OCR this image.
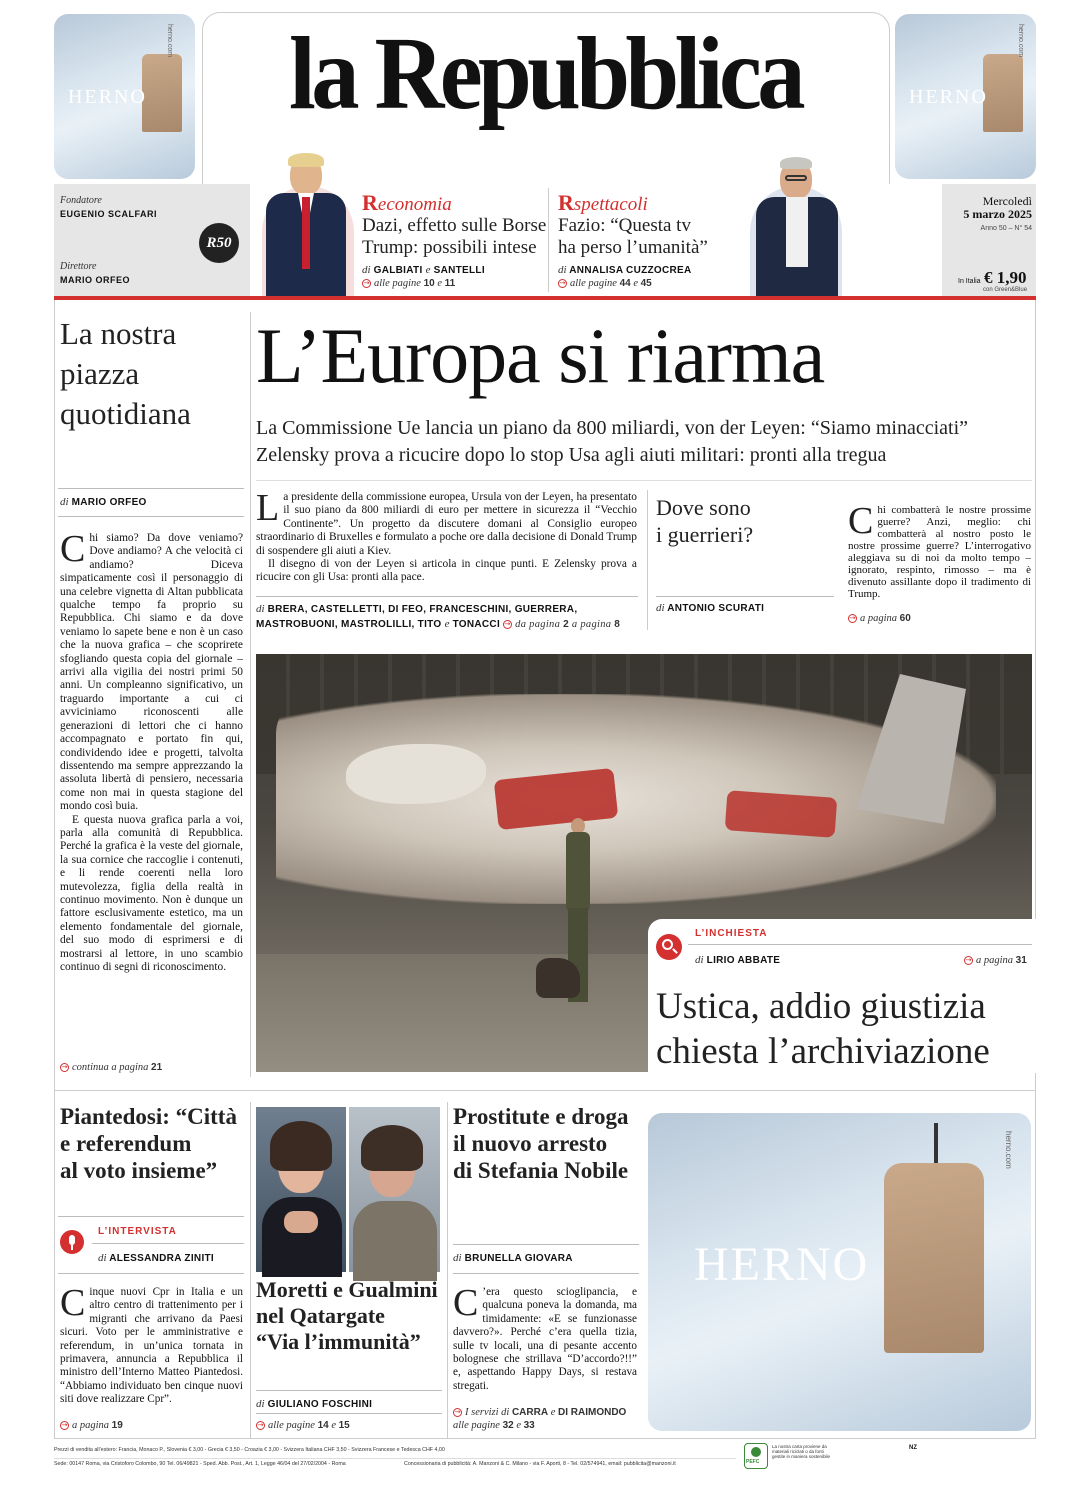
HERNO
herno.com
HERNO
herno.com
la Repubblica
Fondatore
EUGENIO SCALFARI
Direttore
MARIO ORFEO
R50
Reconomia
Dazi, effetto sulle Borse
Trump: possibili intese
di GALBIATI e SANTELLI
→ alle pagine 10 e 11
Rspettacoli
Fazio: “Questa tv
ha perso l’umanità”
di ANNALISA CUZZOCREA
→ alle pagine 44 e 45
Mercoledì
5 marzo 2025
Anno 50 – N° 54
In Italia € 1,90
con Green&Blue
La nostra
piazza
quotidiana
di MARIO ORFEO
Chi siamo? Da dove veniamo? Dove andiamo? A che velocità ci andiamo? Diceva simpaticamente così il personaggio di una celebre vignetta di Altan pubblicata qualche tempo fa proprio su Repubblica. Chi siamo e da dove veniamo lo sapete bene e non è un caso che la nuova grafica – che scoprirete sfogliando questa copia del giornale – arrivi alla vigilia dei nostri primi 50 anni. Un compleanno significativo, un traguardo importante a cui ci avviciniamo riconoscenti alle generazioni di lettori che ci hanno accompagnato e portato fin qui, condividendo idee e progetti, talvolta dissentendo ma sempre apprezzando la assoluta libertà di pensiero, necessaria come non mai in questa stagione del mondo così buia.
E questa nuova grafica parla a voi, parla alla comunità di Repubblica. Perché la grafica è la veste del giornale, la sua cornice che raccoglie i contenuti, e li rende coerenti nella loro mutevolezza, figlia della realtà in continuo movimento. Non è dunque un fattore esclusivamente estetico, ma un elemento fondamentale del giornale, del suo modo di esprimersi e di mostrarsi al lettore, in uno scambio continuo di segni di riconoscimento.
→ continua a pagina 21
L’Europa si riarma
La Commissione Ue lancia un piano da 800 miliardi, von der Leyen: “Siamo minacciati”
Zelensky prova a ricucire dopo lo stop Usa agli aiuti militari: pronti alla tregua
La presidente della commissione europea, Ursula von der Leyen, ha presentato il suo piano da 800 miliardi di euro per mettere in sicurezza il “Vecchio Continente”. Un progetto da discutere domani al Consiglio europeo straordinario di Bruxelles e formulato a poche ore dalla decisione di Donald Trump di sospendere gli aiuti a Kiev.
Il disegno di von der Leyen si articola in cinque punti. E Zelensky prova a ricucire con gli Usa: pronti alla pace.
di BRERA, CASTELLETTI, DI FEO, FRANCESCHINI, GUERRERA,
MASTROBUONI, MASTROLILLI, TITO e TONACCI → da pagina 2 a pagina 8
Dove sono
i guerrieri?
di ANTONIO SCURATI
Chi combatterà le nostre prossime guerre? Anzi, meglio: chi combatterà al nostro posto le nostre prossime guerre? L’interrogativo aleggiava su di noi da molto tempo – ignorato, respinto, rimosso – ma è divenuto assillante dopo il tradimento di Trump.
→ a pagina 60
ANSA
L’INCHIESTA
di LIRIO ABBATE	→ a pagina 31
Ustica, addio giustizia
chiesta l’archiviazione
Piantedosi: “Città
e referendum
al voto insieme”
L’INTERVISTA
di ALESSANDRA ZINITI
Cinque nuovi Cpr in Italia e un altro centro di trattenimento per i migranti che arrivano da Paesi sicuri. Voto per le amministrative e referendum, in un’unica tornata in primavera, annuncia a Repubblica il ministro dell’Interno Matteo Piantedosi. “Abbiamo individuato ben cinque nuovi siti dove realizzare Cpr”.
→ a pagina 19
Moretti e Gualmini
nel Qatargate
“Via l’immunità”
di GIULIANO FOSCHINI
→ alle pagine 14 e 15
Prostitute e droga
il nuovo arresto
di Stefania Nobile
di BRUNELLA GIOVARA
C ’era questo scioglipancia, e qualcuna poneva la domanda, ma timidamente: «E se funzionasse davvero?». Perché c’era quella tizia, sulle tv locali, una di pesante accento bolognese che strillava “D’accordo?!!” e, aspettando Happy Days, si restava stregati.
→ I servizi di CARRA e DI RAIMONDO
alle pagine 32 e 33
HERNO
herno.com
Prezzi di vendita all’estero: Francia, Monaco P., Slovenia € 3,00 - Grecia € 3,50 - Croazia € 3,00 - Svizzera Italiana CHF 3,50 - Svizzera Francese e Tedesca CHF 4,00
Sede: 00147 Roma, via Cristoforo Colombo, 90 Tel. 06/49821 - Sped. Abb. Post., Art. 1, Legge 46/04 del 27/02/2004 - Roma	Concessionaria di pubblicità: A. Manzoni & C. Milano - via F. Aporti, 8 - Tel. 02/574941, email: pubblicita@manzoni.it	PEFC
La nostra carta proviene da materiali riciclati o da fonti gestite in maniera sostenibile
NZ
